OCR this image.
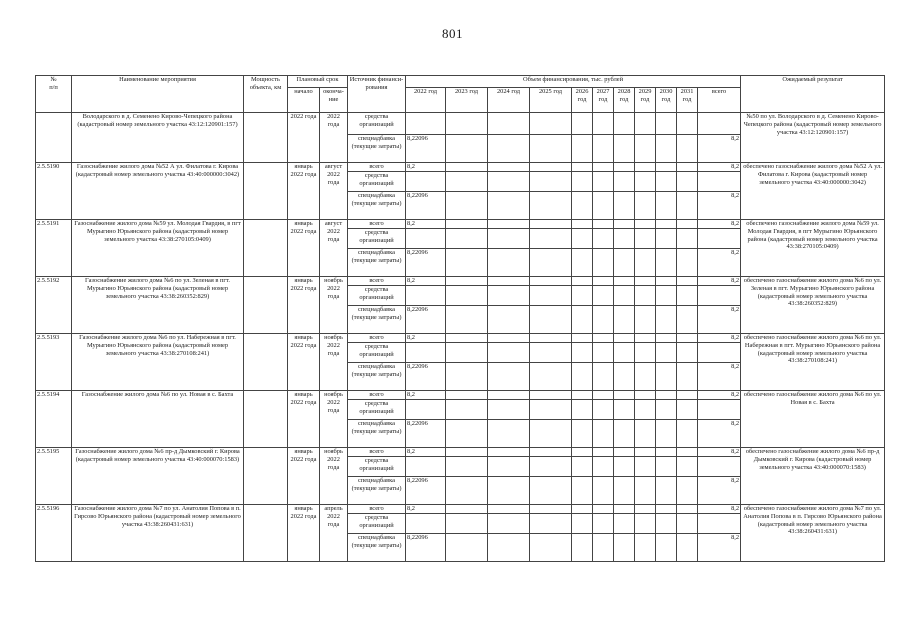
801
№
п/п	Наименование мероприятия	Мощность объекта, км	Плановый срок		Источник финанси-рования	Объем финансирования, тыс. рублей											Ожидаемый результат
			начало	оконча-ние		2022 год	2023 год	2024 год	2025 год	2026 год	2027 год	2028 год	2029 год	2030 год	2031 год	всего	
	Володарского в д. Семенено Кирово-Чепецкого района (кадастровый номер земельного участка 43:12:120901:157)		2022 года	2022 года	средства организаций												№50 по ул. Володарского в д. Семенено Кирово-Чепецкого района (кадастровый номер земельного участка 43:12:120901:157)
					спецнадбавка (текущие затраты)	8,22096										8,2	
2.5.5190	Газоснабжение жилого дома №52 А ул. Филатова г. Кирова (кадастровый номер земельного участка 43:40:000000:3042)		январь 2022 года	август 2022 года	всего	8,2										8,2	обеспечено газоснабжение жилого дома №52 А ул. Филатова г. Кирова (кадастровый номер земельного участка 43:40:000000:3042)
					средства организаций												
					спецнадбавка (текущие затраты)	8,22096										8,2	
2.5.5191	Газоснабжение жилого дома №59 ул. Молодая Гвардия, в пгт Мурыгино Юрьянского района (кадастровый номер земельного участка 43:38:270105:0409)		январь 2022 года	август 2022 года	всего	8,2										8,2	обеспечено газоснабжение жилого дома №59 ул. Молодая Гвардия, в пгт Мурыгино Юрьянского района (кадастровый номер земельного участка 43:38:270105:0409)
					средства организаций												
					спецнадбавка (текущие затраты)	8,22096										8,2	
2.5.5192	Газоснабжение жилого дома №6 по ул. Зеленая в пгт. Мурыгино Юрьянского района (кадастровый номер земельного участка 43:38:260352:829)		январь 2022 года	ноябрь 2022 года	всего	8,2										8,2	обеспечено газоснабжение жилого дома №6 по ул. Зеленая в пгт. Мурыгино Юрьянского района (кадастровый номер земельного участка 43:38:260352:829)
					средства организаций												
					спецнадбавка (текущие затраты)	8,22096										8,2	
2.5.5193	Газоснабжение жилого дома №6 по ул. Набережная в пгт. Мурыгино Юрьянского района (кадастровый номер земельного участка 43:38:270108:241)		январь 2022 года	ноябрь 2022 года	всего	8,2										8,2	обеспечено газоснабжение жилого дома №6 по ул. Набережная в пгт. Мурыгино Юрьянского района (кадастровый номер земельного участка 43:38:270108:241)
					средства организаций												
					спецнадбавка (текущие затраты)	8,22096										8,2	
2.5.5194	Газоснабжение жилого дома №6 по ул. Новая в с. Бахта		январь 2022 года	ноябрь 2022 года	всего	8,2										8,2	обеспечено газоснабжение жилого дома №6 по ул. Новая в с. Бахта
					средства организаций												
					спецнадбавка (текущие затраты)	8,22096										8,2	
2.5.5195	Газоснабжение жилого дома №6 пр-д Дымковский г. Кирова (кадастровый номер земельного участка 43:40:000070:1583)		январь 2022 года	ноябрь 2022 года	всего	8,2										8,2	обеспечено газоснабжение жилого дома №6 пр-д Дымковский г. Кирова (кадастровый номер земельного участка 43:40:000070:1583)
					средства организаций												
					спецнадбавка (текущие затраты)	8,22096										8,2	
2.5.5196	Газоснабжение жилого дома №7 по ул. Анатолия Попова в п. Гирсово Юрьянского района (кадастровый номер земельного участка 43:38:260431:631)		январь 2022 года	апрель 2022 года	всего	8,2										8,2	обеспечено газоснабжение жилого дома №7 по ул. Анатолия Попова в п. Гирсово Юрьянского района (кадастровый номер земельного участка 43:38:260431:631)
					средства организаций												
					спецнадбавка (текущие затраты)	8,22096										8,2	
